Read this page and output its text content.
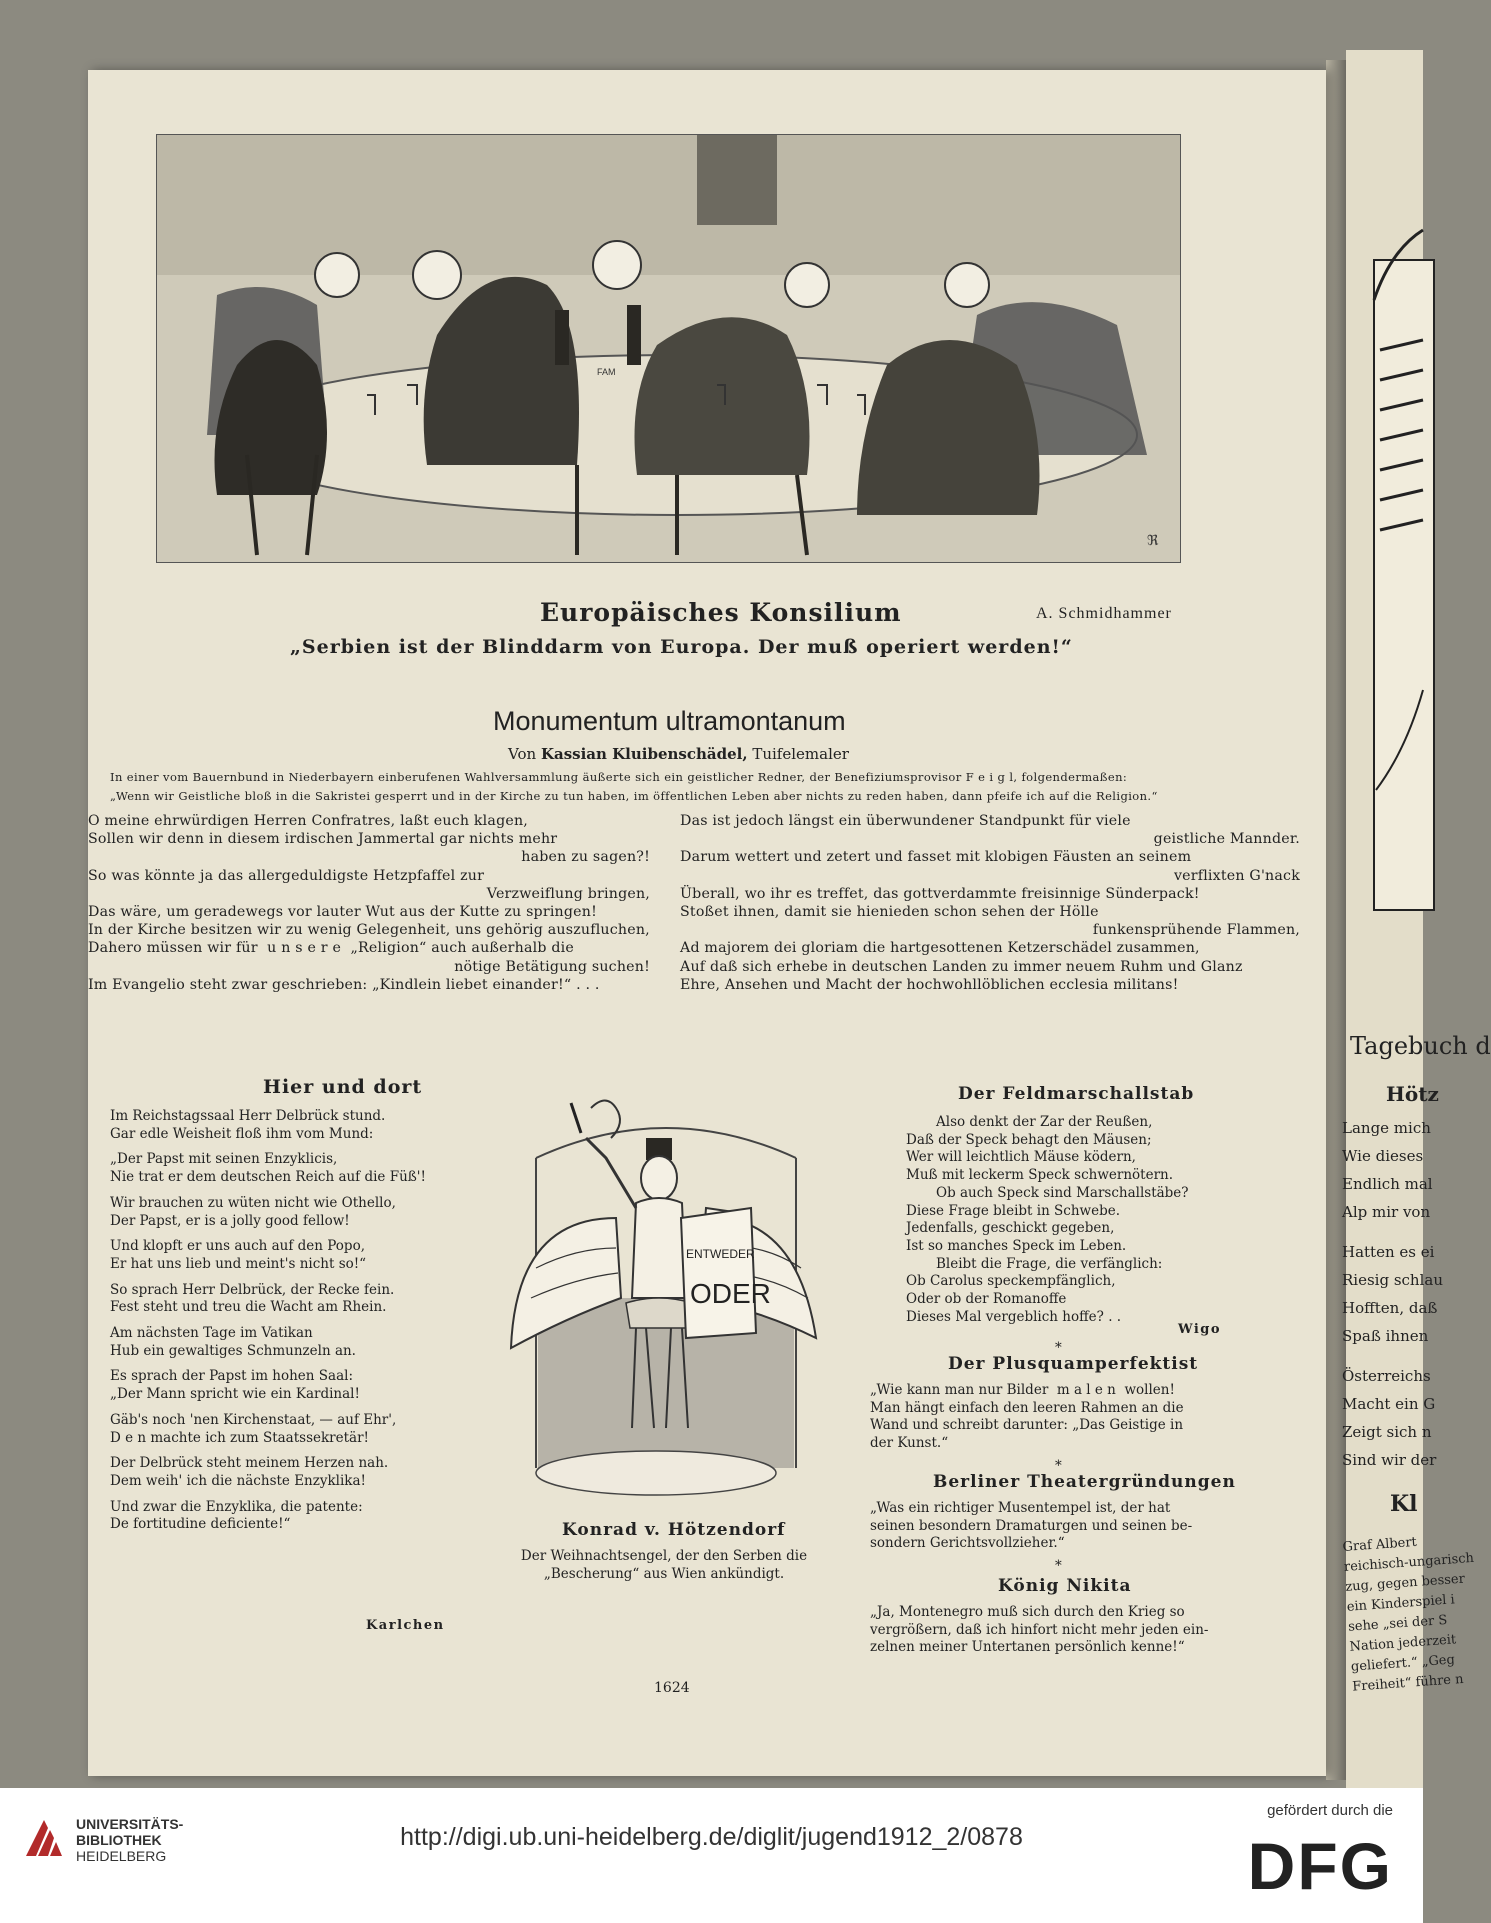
Tagebuch d
Hötz
Lange mich
Wie dieses
Endlich mal
Alp mir von

Hatten es ei
Riesig schlau
Hofften, daß
Spaß ihnen

Österreichs
Macht ein G
Zeigt sich n
Sind wir der
Kl
Graf Albert
reichisch-ungarisch
zug, gegen besser
ein Kinderspiel i
sehe „sei der S
Nation jederzeit
geliefert.“ „Geg
Freiheit“ führe n
FAM
ℜ
Europäisches Konsilium	A. Schmidhammer
„Serbien ist der Blinddarm von Europa. Der muß operiert werden!“
Monumentum ultramontanum
Von Kassian Kluibenschädel, Tuifelemaler
In einer vom Bauernbund in Niederbayern einberufenen Wahlversammlung äußerte sich ein geistlicher Redner, der Benefiziumsprovisor F e i g l, folgendermaßen:
„Wenn wir Geistliche bloß in die Sakristei gesperrt und in der Kirche zu tun haben, im öffentlichen Leben aber nichts zu reden haben, dann pfeife ich auf die Religion.“
O meine ehrwürdigen Herren Confratres, laßt euch klagen,
Sollen wir denn in diesem irdischen Jammertal gar nichts mehr
haben zu sagen?!
So was könnte ja das allergeduldigste Hetzpfaffel zur
Verzweiflung bringen,
Das wäre, um geradewegs vor lauter Wut aus der Kutte zu springen!
In der Kirche besitzen wir zu wenig Gelegenheit, uns gehörig auszufluchen,
Dahero müssen wir für  u n s e r e  „Religion“ auch außerhalb die
nötige Betätigung suchen!
Im Evangelio steht zwar geschrieben: „Kindlein liebet einander!“ . . .
Das ist jedoch längst ein überwundener Standpunkt für viele
geistliche Mannder.
Darum wettert und zetert und fasset mit klobigen Fäusten an seinem
verflixten G'nack
Überall, wo ihr es treffet, das gottverdammte freisinnige Sünderpack!
Stoßet ihnen, damit sie hienieden schon sehen der Hölle
funkensprühende Flammen,
Ad majorem dei gloriam die hartgesottenen Ketzerschädel zusammen,
Auf daß sich erhebe in deutschen Landen zu immer neuem Ruhm und Glanz
Ehre, Ansehen und Macht der hochwohllöblichen ecclesia militans!
Hier und dort
Im Reichstagssaal Herr Delbrück stund.
Gar edle Weisheit floß ihm vom Mund:

„Der Papst mit seinen Enzyklicis,
Nie trat er dem deutschen Reich auf die Füß'!

Wir brauchen zu wüten nicht wie Othello,
Der Papst, er is a jolly good fellow!

Und klopft er uns auch auf den Popo,
Er hat uns lieb und meint's nicht so!“

So sprach Herr Delbrück, der Recke fein.
Fest steht und treu die Wacht am Rhein.

Am nächsten Tage im Vatikan
Hub ein gewaltiges Schmunzeln an.

Es sprach der Papst im hohen Saal:
„Der Mann spricht wie ein Kardinal!

Gäb's noch 'nen Kirchenstaat, — auf Ehr',
D e n machte ich zum Staatssekretär!

Der Delbrück steht meinem Herzen nah.
Dem weih' ich die nächste Enzyklika!

Und zwar die Enzyklika, die patente:
De fortitudine deficiente!“
Karlchen
ENTWEDER
ODER
Konrad v. Hötzendorf
Der Weihnachtsengel, der den Serben die
„Bescherung“ aus Wien ankündigt.
Der Feldmarschallstab
Also denkt der Zar der Reußen,
Daß der Speck behagt den Mäusen;
Wer will leichtlich Mäuse ködern,
Muß mit leckerm Speck schwernötern.
Ob auch Speck sind Marschallstäbe?
Diese Frage bleibt in Schwebe.
Jedenfalls, geschickt gegeben,
Ist so manches Speck im Leben.
Bleibt die Frage, die verfänglich:
Ob Carolus speckempfänglich,
Oder ob der Romanoffe
Dieses Mal vergeblich hoffe? . .
Wigo
*
Der Plusquamperfektist
„Wie kann man nur Bilder  m a l e n  wollen!
Man hängt einfach den leeren Rahmen an die
Wand und schreibt darunter: „Das Geistige in
der Kunst.“
*
Berliner Theatergründungen
„Was ein richtiger Musentempel ist, der hat
seinen besondern Dramaturgen und seinen be-
sondern Gerichtsvollzieher.“
*
König Nikita
„Ja, Montenegro muß sich durch den Krieg so
vergrößern, daß ich hinfort nicht mehr jeden ein-
zelnen meiner Untertanen persönlich kenne!“
1624
UNIVERSITÄTS-
BIBLIOTHEK
HEIDELBERG
http://digi.ub.uni-heidelberg.de/diglit/jugend1912_2/0878
gefördert durch die
DFG
